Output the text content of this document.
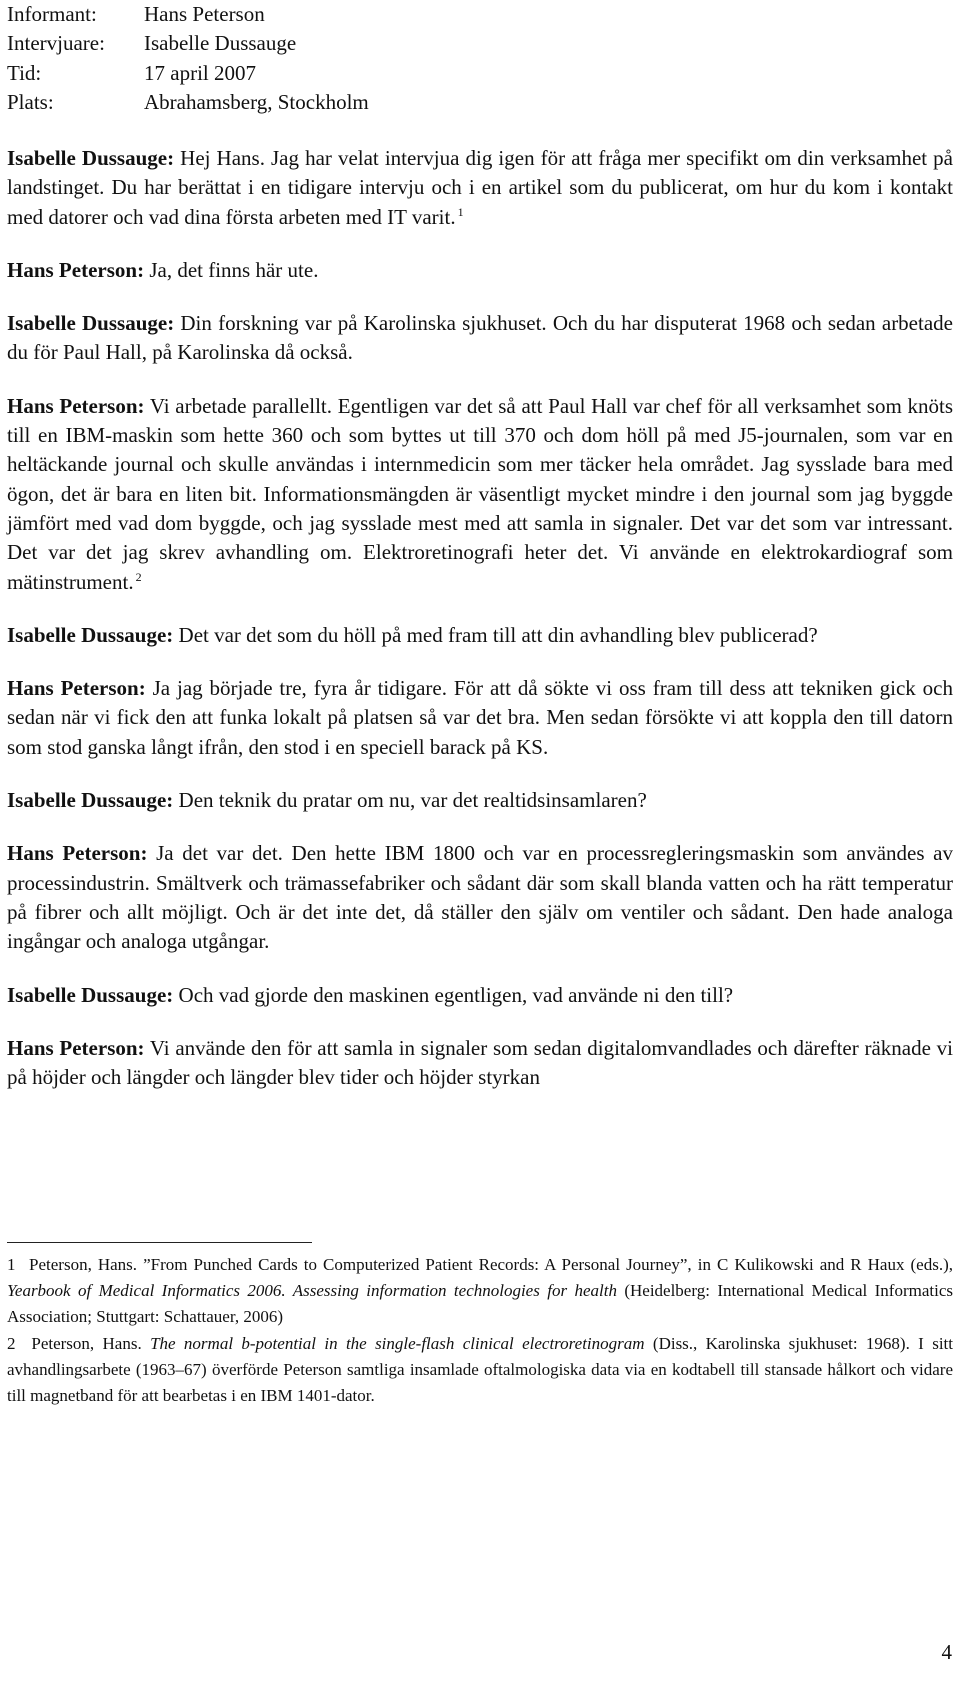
Informant: Hans Peterson
Intervjuare: Isabelle Dussauge
Tid:	17 april 2007
Plats:	Abrahamsberg, Stockholm

Isabelle Dussauge: Hej Hans. Jag har velat intervjua dig igen för att fråga mer specifikt om din verksamhet på landstinget. Du har berättat i en tidigare intervju och i en artikel som du publicerat, om hur du kom i kontakt med datorer och vad dina första arbeten med IT varit. $^1$

Hans Peterson: Ja, det finns här ute.

Isabelle Dussauge: Din forskning var på Karolinska sjukhuset. Och du har disputerat 1968 och sedan arbetade du för Paul Hall, på Karolinska då också.

Hans Peterson: Vi arbetade parallellt. Egentligen var det så att Paul Hall var chef för all verksamhet som knöts till en IBM-maskin som hette 360 och som byttes ut till 370 och dom höll på med J5-journalen, som var en heltäckande journal och skulle användas i internmedicin som mer täcker hela området. Jag sysslade bara med ögon, det är bara en liten bit. Informationsmängden är väsentligt mycket mindre i den journal som jag byggde jämfört med vad dom byggde, och jag sysslade mest med att samla in signaler. Det var det som var intressant. Det var det jag skrev avhandling om. Elektroretinografi heter det. Vi använde en elektrokardiograf som mätinstrument. $^2$

Isabelle Dussauge: Det var det som du höll på med fram till att din avhandling blev publicerad?

Hans Peterson: Ja jag började tre, fyra år tidigare. För att då sökte vi oss fram till dess att tekniken gick och sedan när vi fick den att funka lokalt på platsen så var det bra. Men sedan försökte vi att koppla den till datorn som stod ganska långt ifrån, den stod i en speciell barack på KS.

Isabelle Dussauge: Den teknik du pratar om nu, var det realtidsinsamlaren?

Hans Peterson: Ja det var det. Den hette IBM 1800 och var en processregleringsmaskin som användes av processindustrin. Smältverk och trämassefabriker och sådant där som skall blanda vatten och ha rätt temperatur på fibrer och allt möjligt. Och är det inte det, då ställer den själv om ventiler och sådant. Den hade analoga ingångar och analoga utgångar.

Isabelle Dussauge: Och vad gjorde den maskinen egentligen, vad använde ni den till?

Hans Peterson: Vi använde den för att samla in signaler som sedan digitalomvandlades och därefter räknade vi på höjder och längder och längder blev tider och höjder styrkan

1 Peterson, Hans. ”From Punched Cards to Computerized Patient Records: A Personal Journey”, in C Kulikowski and R Haux (eds.), Yearbook of Medical Informatics 2006. Assessing information technologies for health (Heidelberg: International Medical Informatics Association; Stuttgart: Schattauer, 2006)

2 Peterson, Hans. The normal b-potential in the single-flash clinical electroretinogram (Diss., Karolinska sjukhuset: 1968). I sitt avhandlingsarbete (1963–67) överförde Peterson samtliga insamlade oftalmologiska data via en kodtabell till stansade hålkort och vidare till magnetband för att bearbetas i en IBM 1401-dator.

4
